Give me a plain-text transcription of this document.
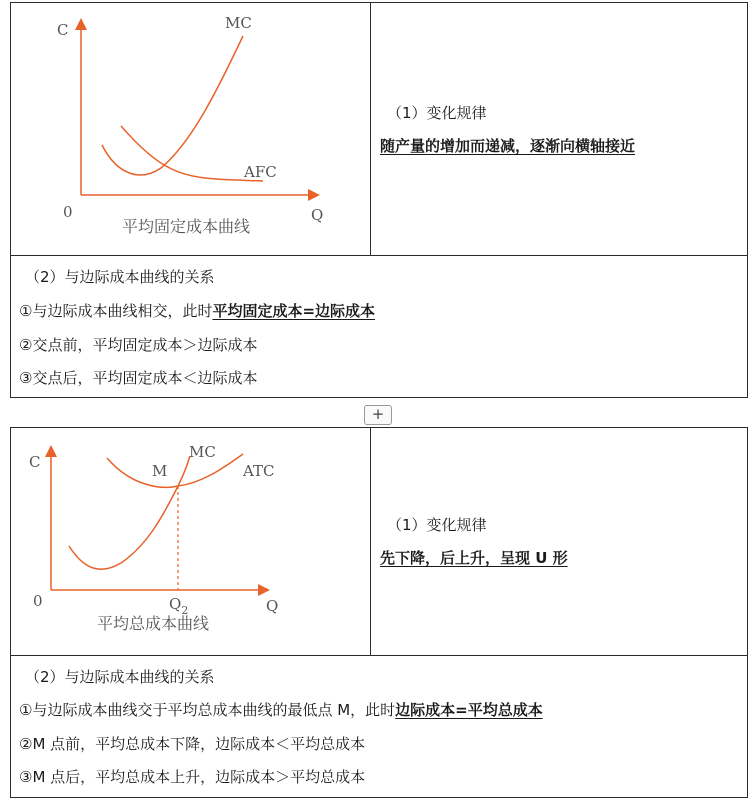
C
Q
0
MC
AFC
平均固定成本曲线
（1）变化规律
随产量的增加而递减，逐渐向横轴接近
（2）与边际成本曲线的关系
①与边际成本曲线相交，此时平均固定成本=边际成本
②交点前，平均固定成本＞边际成本
③交点后，平均固定成本＜边际成本
+
C
Q
0
MC
ATC
M
$Q_2$
平均总成本曲线
（1）变化规律
先下降，后上升，呈现 U 形
（2）与边际成本曲线的关系
①与边际成本曲线交于平均总成本曲线的最低点 M，此时边际成本=平均总成本
②M 点前，平均总成本下降，边际成本＜平均总成本
③M 点后，平均总成本上升，边际成本＞平均总成本
